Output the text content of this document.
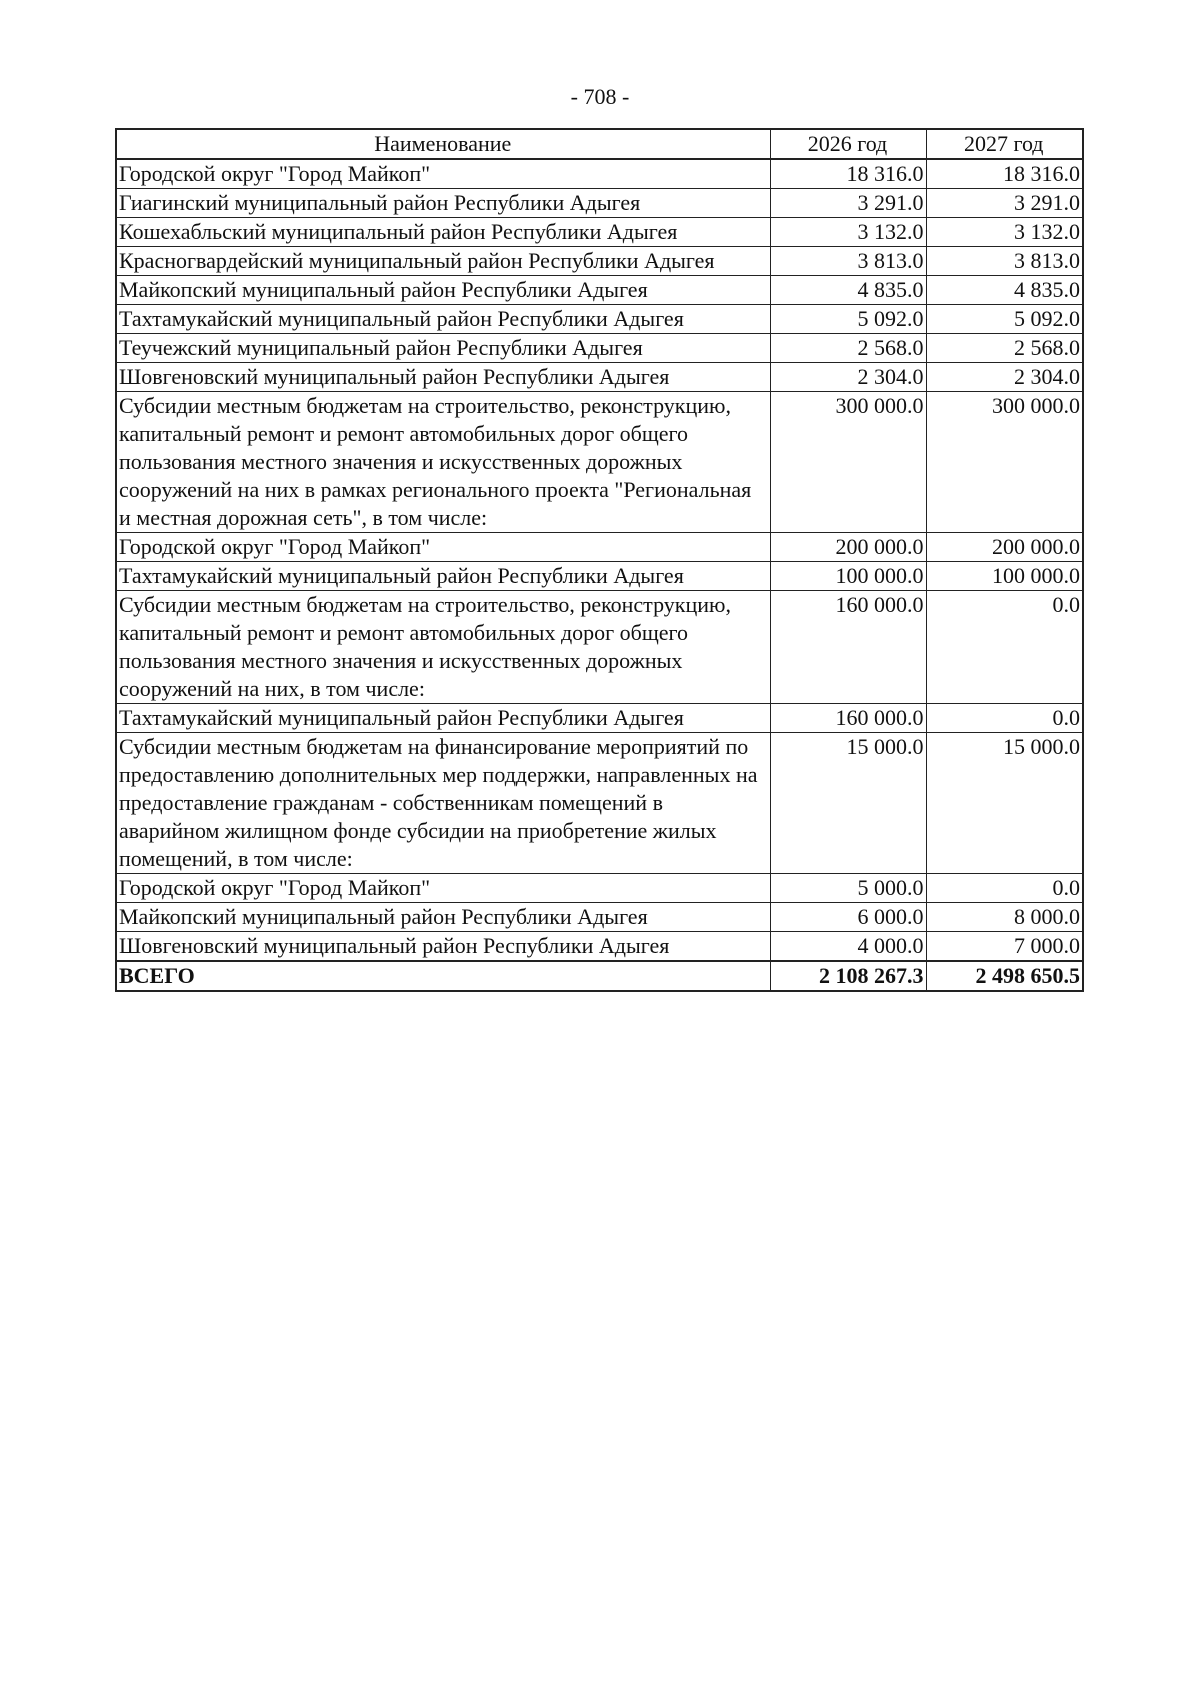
- 708 -
Наименование	2026 год	2027 год
Городской округ "Город Майкоп"	18 316.0	18 316.0
Гиагинский муниципальный район Республики Адыгея	3 291.0	3 291.0
Кошехабльский муниципальный район Республики Адыгея	3 132.0	3 132.0
Красногвардейский муниципальный район Республики Адыгея	3 813.0	3 813.0
Майкопский муниципальный район Республики Адыгея	4 835.0	4 835.0
Тахтамукайский муниципальный район Республики Адыгея	5 092.0	5 092.0
Теучежский муниципальный район Республики Адыгея	2 568.0	2 568.0
Шовгеновский муниципальный район Республики Адыгея	2 304.0	2 304.0
Субсидии местным бюджетам на строительство, реконструкцию, капитальный ремонт и ремонт автомобильных дорог общего пользования местного значения и искусственных дорожных сооружений на них в рамках регионального проекта "Региональная и местная дорожная сеть", в том числе:	300 000.0	300 000.0
Городской округ "Город Майкоп"	200 000.0	200 000.0
Тахтамукайский муниципальный район Республики Адыгея	100 000.0	100 000.0
Субсидии местным бюджетам на строительство, реконструкцию, капитальный ремонт и ремонт автомобильных дорог общего пользования местного значения и искусственных дорожных сооружений на них, в том числе:	160 000.0	0.0
Тахтамукайский муниципальный район Республики Адыгея	160 000.0	0.0
Субсидии местным бюджетам на финансирование мероприятий по предоставлению дополнительных мер поддержки, направленных на предоставление гражданам - собственникам помещений в аварийном жилищном фонде субсидии на приобретение жилых помещений, в том числе:	15 000.0	15 000.0
Городской округ "Город Майкоп"	5 000.0	0.0
Майкопский муниципальный район Республики Адыгея	6 000.0	8 000.0
Шовгеновский муниципальный район Республики Адыгея	4 000.0	7 000.0
ВСЕГО	2 108 267.3	2 498 650.5
